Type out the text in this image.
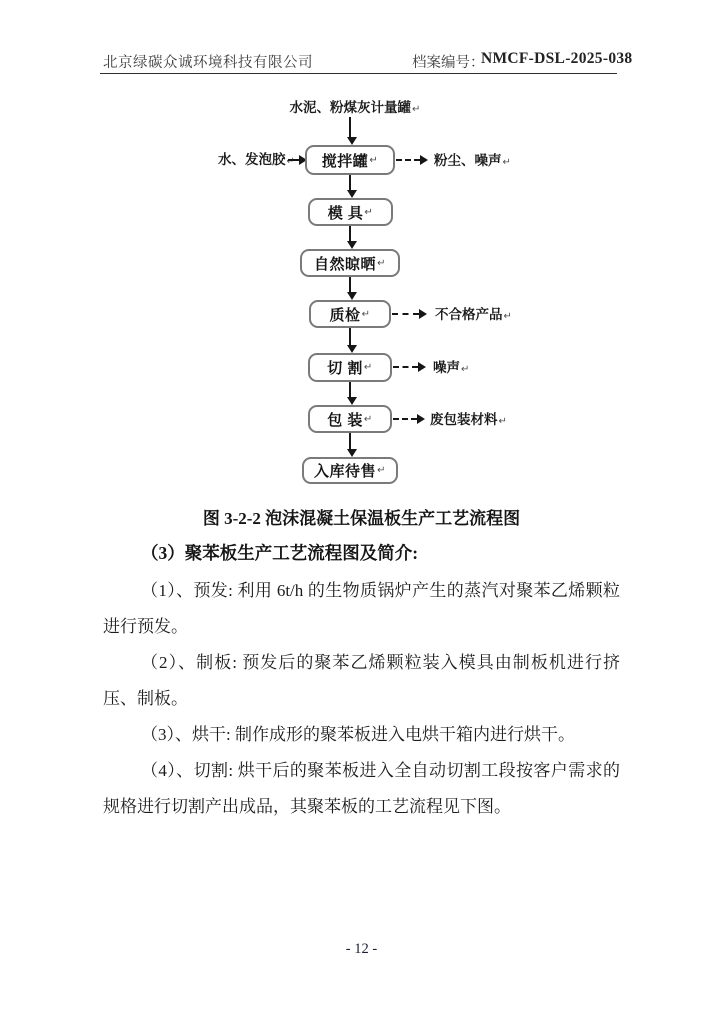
北京绿碳众诚环境科技有限公司	档案编号：
NMCF-DSL-2025-038
水泥、粉煤灰计量罐↵
水、发泡胶↵ 搅拌罐 ↵	粉尘、噪声↵
模 具 ↵
自然晾晒 ↵
质检 ↵	不合格产品↵
切 割 ↵	噪声↵
包 装 ↵	废包装材料↵
入库待售 ↵
图 3-2-2 泡沫混凝土保温板生产工艺流程图
（3）聚苯板生产工艺流程图及简介:

（1）、预发: 利用 6t/h 的生物质锅炉产生的蒸汽对聚苯乙烯颗粒进行预发。

（2）、制板: 预发后的聚苯乙烯颗粒装入模具由制板机进行挤压、制板。

（3）、烘干: 制作成形的聚苯板进入电烘干箱内进行烘干。

（4）、切割: 烘干后的聚苯板进入全自动切割工段按客户需求的规格进行切割产出成品，其聚苯板的工艺流程见下图。

- 12 -
